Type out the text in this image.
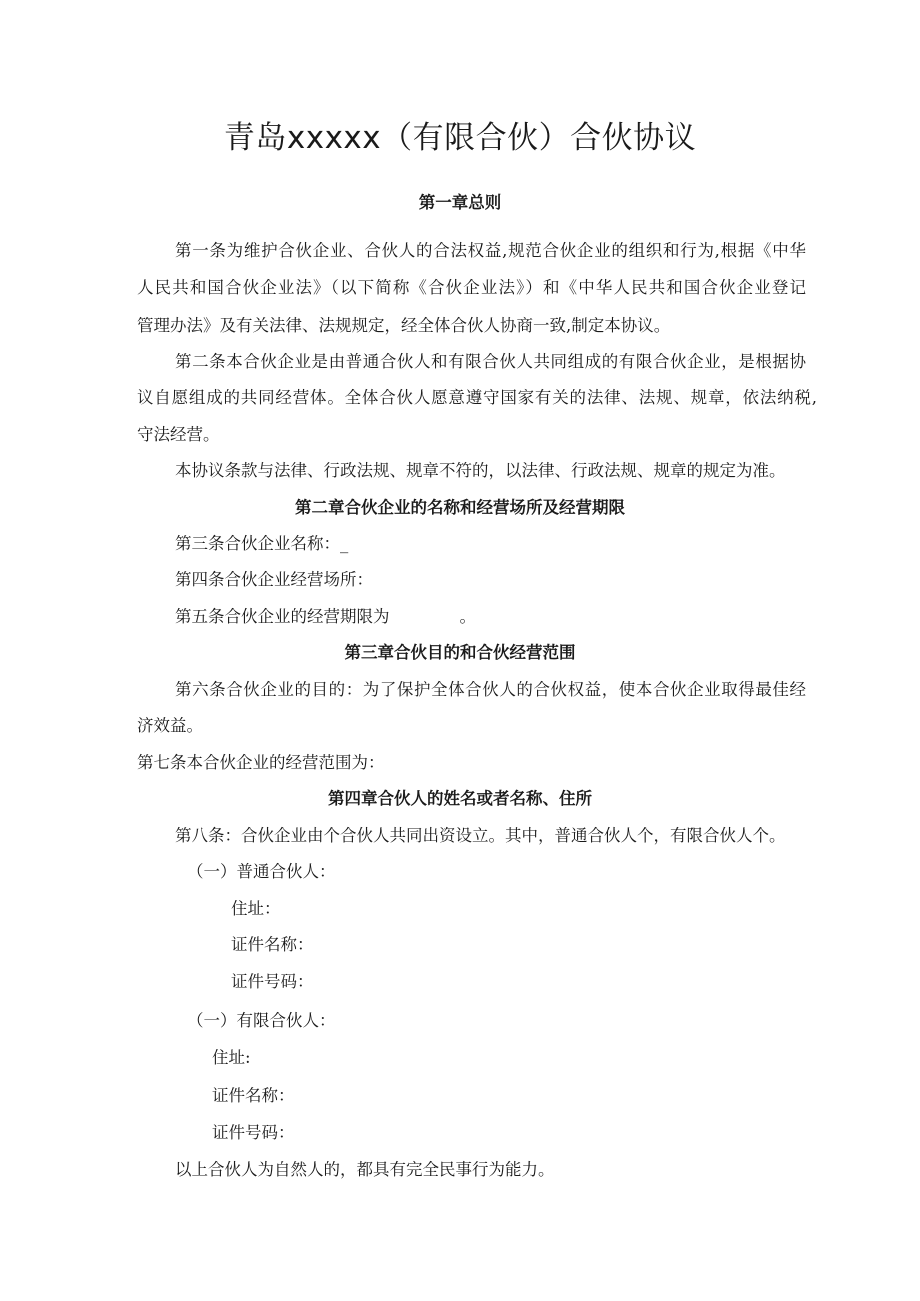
青岛xxxxx（有限合伙）合伙协议
第一章总则
第一条为维护合伙企业、合伙人的合法权益,规范合伙企业的组织和行为,根据《中华
人民共和国合伙企业法》（以下简称《合伙企业法》）和《中华人民共和国合伙企业登记
管理办法》及有关法律、法规规定，经全体合伙人协商一致,制定本协议。
第二条本合伙企业是由普通合伙人和有限合伙人共同组成的有限合伙企业，是根据协
议自愿组成的共同经营体。全体合伙人愿意遵守国家有关的法律、法规、规章，依法纳税,
守法经营。
本协议条款与法律、行政法规、规章不符的，以法律、行政法规、规章的规定为准。
第二章合伙企业的名称和经营场所及经营期限
第三条合伙企业名称：_
第四条合伙企业经营场所：
第五条合伙企业的经营期限为	。
第三章合伙目的和合伙经营范围
第六条合伙企业的目的：为了保护全体合伙人的合伙权益，使本合伙企业取得最佳经
济效益。
第七条本合伙企业的经营范围为：
第四章合伙人的姓名或者名称、住所
第八条：合伙企业由个合伙人共同出资设立。其中，普通合伙人个，有限合伙人个。
（一）普通合伙人：
住址：
证件名称：
证件号码：
（一）有限合伙人：
住址:
证件名称：
证件号码：
以上合伙人为自然人的，都具有完全民事行为能力。
